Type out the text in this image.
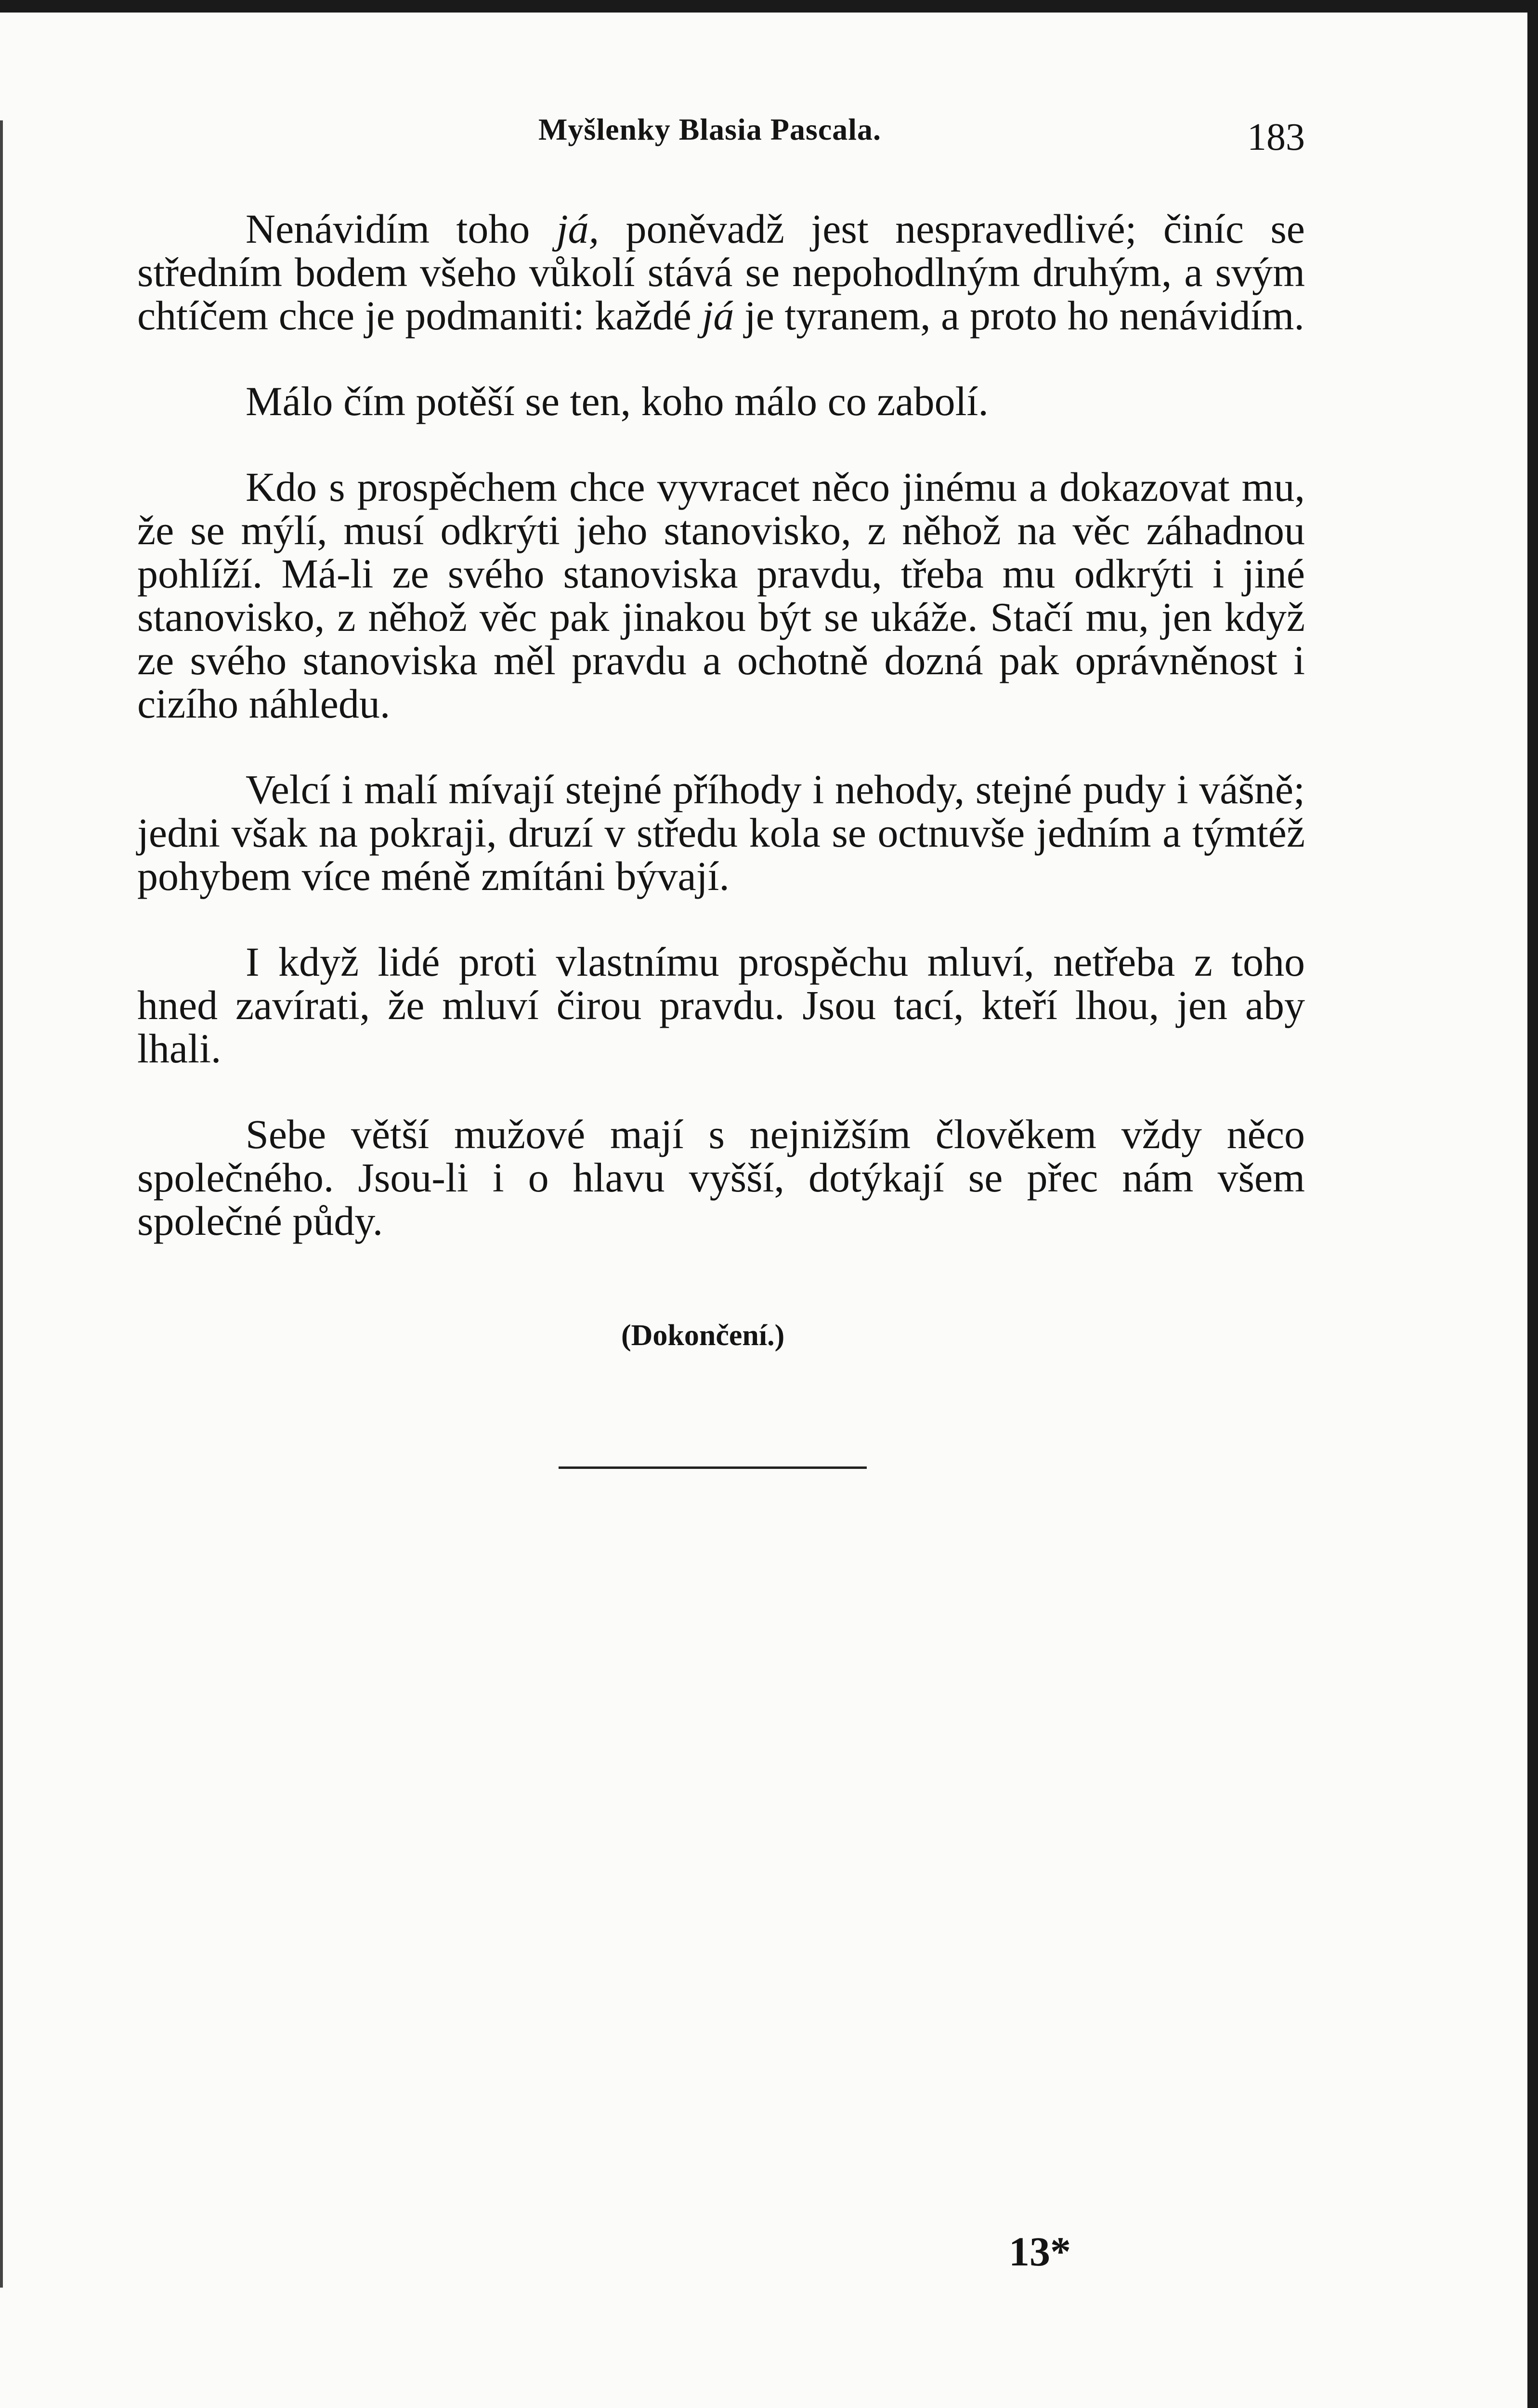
Myšlenky Blasia Pascala.	183

Nenávidím toho já, poněvadž jest nespravedlivé; činíc se středním bodem všeho vůkolí stává se nepohodlným druhým, a svým chtíčem chce je podmaniti: každé já je tyranem, a proto ho nenávidím.

Málo čím potěší se ten, koho málo co zabolí.

Kdo s prospěchem chce vyvracet něco jinému a dokazovat mu, že se mýlí, musí odkrýti jeho stanovisko, z něhož na věc záhadnou pohlíží. Má-li ze svého stanoviska pravdu, třeba mu odkrýti i jiné stanovisko, z něhož věc pak jinakou být se ukáže. Stačí mu, jen když ze svého stanoviska měl pravdu a ochotně dozná pak oprávněnost i cizího náhledu.

Velcí i malí mívají stejné příhody i nehody, stejné pudy i vášně; jedni však na pokraji, druzí v středu kola se octnuvše jedním a týmtéž pohybem více méně zmítáni bývají.

I když lidé proti vlastnímu prospěchu mluví, netřeba z toho hned zavírati, že mluví čirou pravdu. Jsou tací, kteří lhou, jen aby lhali.

Sebe větší mužové mají s nejnižším člověkem vždy něco společného. Jsou-li i o hlavu vyšší, dotýkají se přec nám všem společné půdy.

(Dokončení.)
13*
